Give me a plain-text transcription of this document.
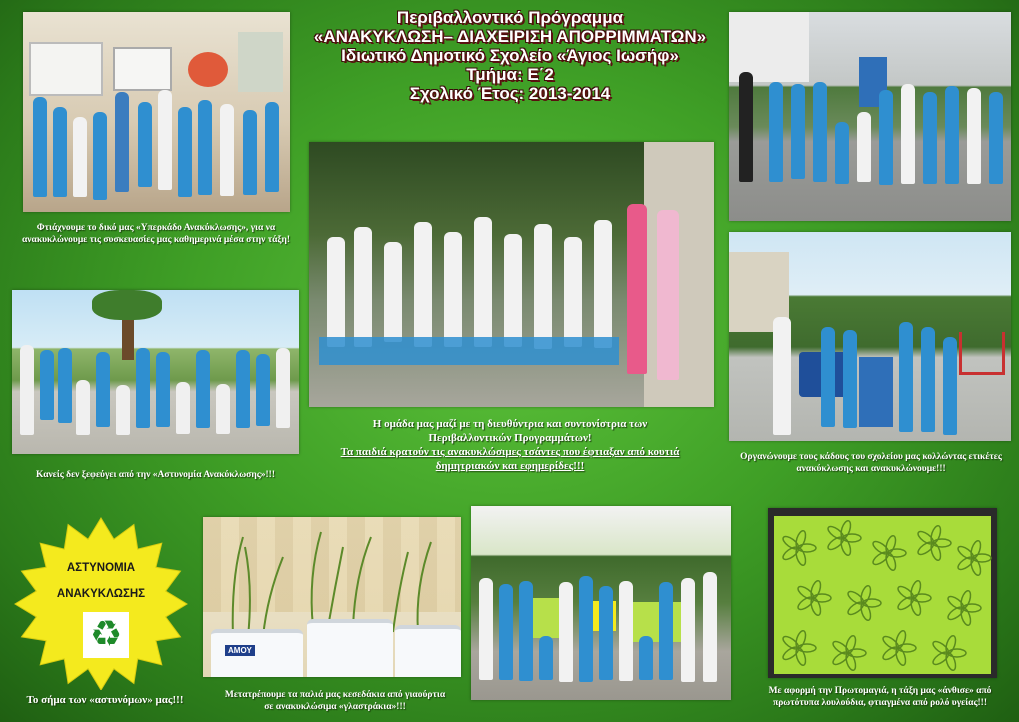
Περιβαλλοντικό Πρόγραμμα
«ΑΝΑΚΥΚΛΩΣΗ– ΔΙΑΧΕΙΡΙΣΗ ΑΠΟΡΡΙΜΜΑΤΩΝ»
Ιδιωτικό Δημοτικό Σχολείο «Άγιος Ιωσήφ»
Τμήμα: Ε΄2
Σχολικό Έτος: 2013-2014
Φτιάχνουμε το δικό μας «Υπερκάδο Ανακύκλωσης», για να ανακυκλώνουμε τις συσκευασίες μας καθημερινά μέσα στην τάξη!
Κανείς δεν ξεφεύγει από την «Αστυνομία Ανακύκλωσης»!!!
Η ομάδα μας μαζί με τη διευθύντρια και συντονίστρια των Περιβαλλοντικών Προγραμμάτων!
Τα παιδιά κρατούν τις ανακυκλώσιμες τσάντες που έφτιαξαν από κουτιά δημητριακών και εφημερίδες!!!
Οργανώνουμε τους κάδους του σχολείου μας κολλώντας ετικέτες ανακύκλωσης και ανακυκλώνουμε!!!
ΑΣΤΥΝΟΜΙΑ
ΑΝΑΚΥΚΛΩΣΗΣ
♻
Το σήμα των «αστυνόμων» μας!!!
ΑΜΟΥ
Μετατρέπουμε τα παλιά μας κεσεδάκια από γιαούρτια σε ανακυκλώσιμα «γλαστράκια»!!!
Με αφορμή την Πρωτομαγιά, η τάξη μας «άνθισε» από πρωτότυπα λουλούδια, φτιαγμένα από ρολό υγείας!!!
